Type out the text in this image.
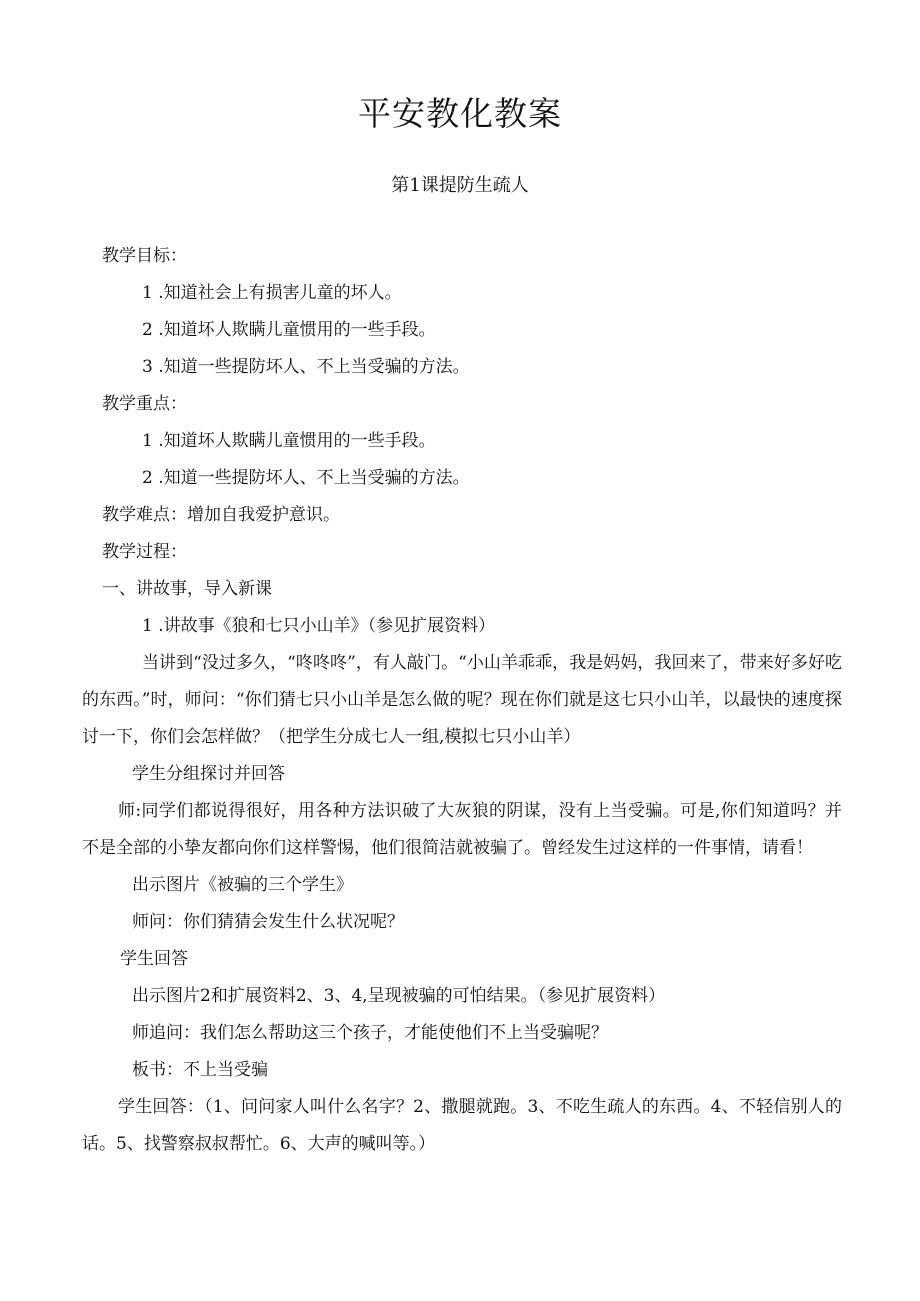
平安教化教案
第1课提防生疏人

教学目标：

1 .知道社会上有损害儿童的坏人。

2 .知道坏人欺瞒儿童惯用的一些手段。

3 .知道一些提防坏人、不上当受骗的方法。

教学重点：

1 .知道坏人欺瞒儿童惯用的一些手段。

2 .知道一些提防坏人、不上当受骗的方法。

教学难点：增加自我爱护意识。

教学过程：

一、讲故事，导入新课

1 .讲故事《狼和七只小山羊》（参见扩展资料）

当讲到“没过多久，“咚咚咚”，有人敲门。“小山羊乖乖，我是妈妈，我回来了，带来好多好吃的东西。”时，师问：“你们猜七只小山羊是怎么做的呢？现在你们就是这七只小山羊，以最快的速度探讨一下，你们会怎样做？（把学生分成七人一组,模拟七只小山羊）

学生分组探讨并回答

师:同学们都说得很好，用各种方法识破了大灰狼的阴谋，没有上当受骗。可是,你们知道吗？并不是全部的小挚友都向你们这样警惕，他们很简洁就被骗了。曾经发生过这样的一件事情，请看！

出示图片《被骗的三个学生》

师问：你们猜猜会发生什么状况呢？

学生回答

出示图片2和扩展资料2、3、4,呈现被骗的可怕结果。（参见扩展资料）

师追问：我们怎么帮助这三个孩子，才能使他们不上当受骗呢？

板书：不上当受骗

学生回答：（1、问问家人叫什么名字？2、撒腿就跑。3、不吃生疏人的东西。4、不轻信别人的话。5、找警察叔叔帮忙。6、大声的喊叫等。）
